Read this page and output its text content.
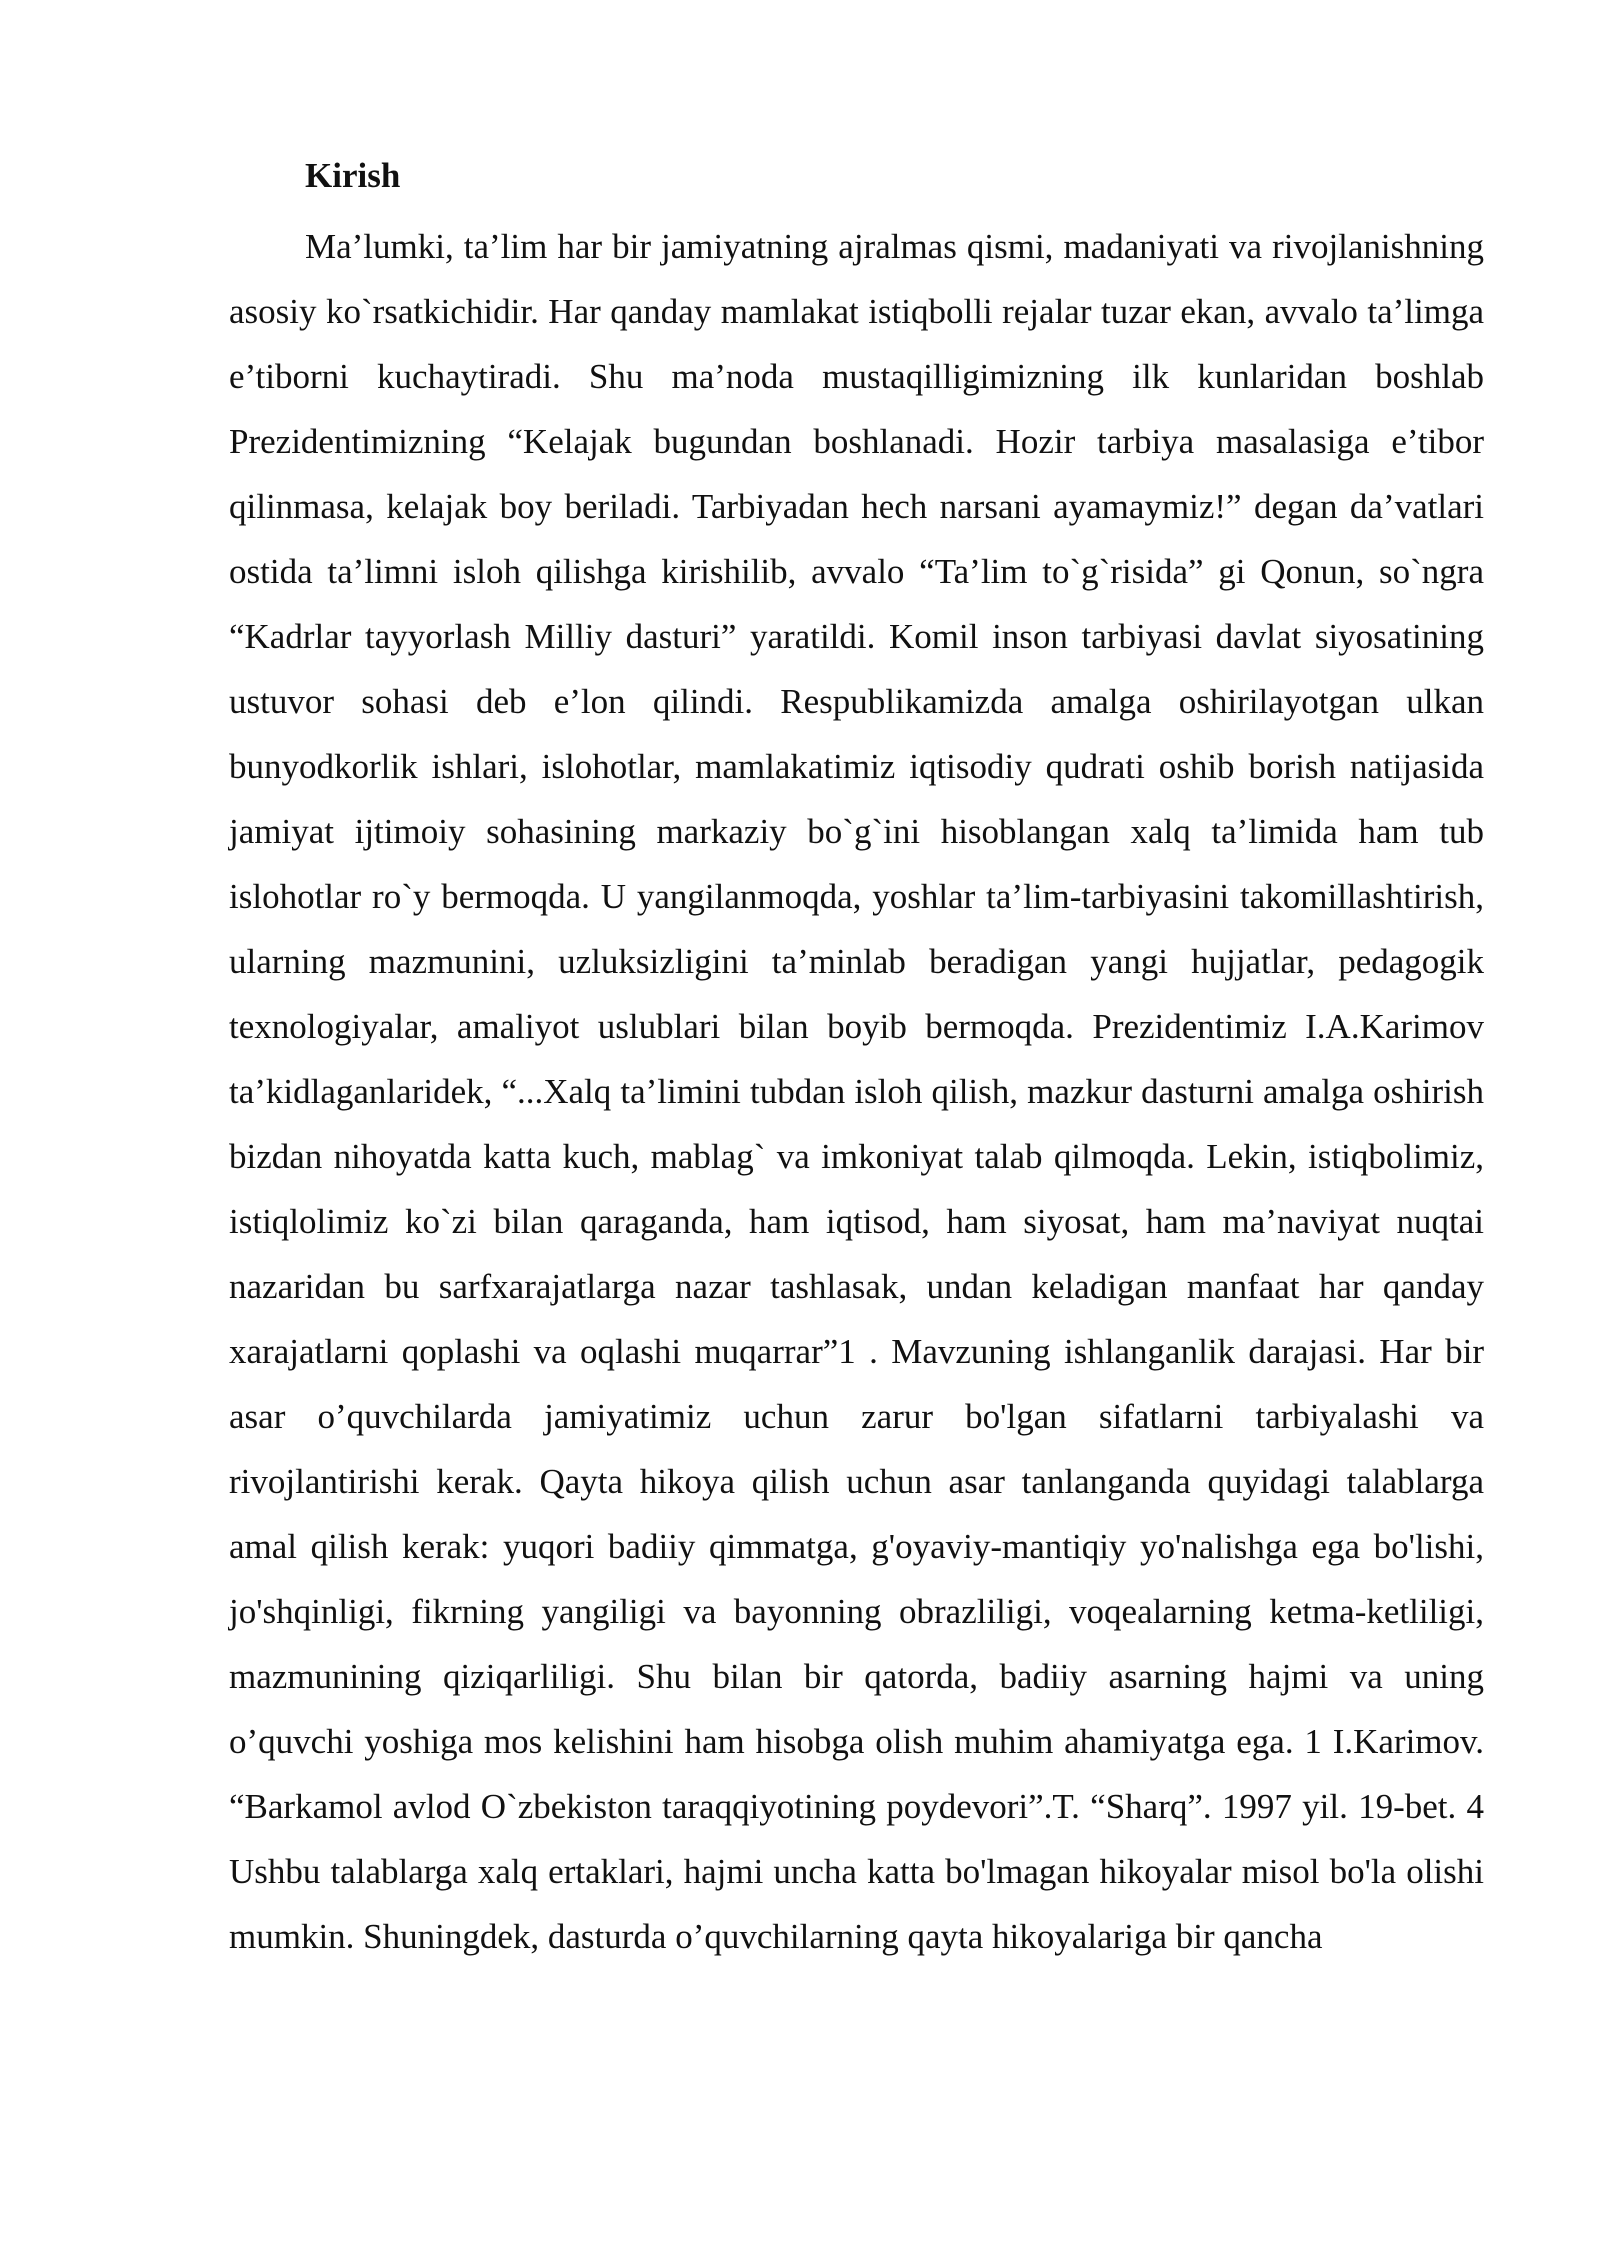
Kirish

Ma’lumki, ta’lim har bir jamiyatning ajralmas qismi, madaniyati va rivojlanishning asosiy ko`rsatkichidir. Har qanday mamlakat istiqbolli rejalar tuzar ekan, avvalo ta’limga e’tiborni kuchaytiradi. Shu ma’noda mustaqilligimizning ilk kunlaridan boshlab Prezidentimizning “Kelajak bugundan boshlanadi. Hozir tarbiya masalasiga e’tibor qilinmasa, kelajak boy beriladi. Tarbiyadan hech narsani ayamaymiz!” degan da’vatlari ostida ta’limni isloh qilishga kirishilib, avvalo “Ta’lim to`g`risida” gi Qonun, so`ngra “Kadrlar tayyorlash Milliy dasturi” yaratildi. Komil inson tarbiyasi davlat siyosatining ustuvor sohasi deb e’lon qilindi. Respublikamizda amalga oshirilayotgan ulkan bunyodkorlik ishlari, islohotlar, mamlakatimiz iqtisodiy qudrati oshib borish natijasida jamiyat ijtimoiy sohasining markaziy bo`g`ini hisoblangan xalq ta’limida ham tub islohotlar ro`y bermoqda. U yangilanmoqda, yoshlar ta’lim-tarbiyasini takomillashtirish, ularning mazmunini, uzluksizligini ta’minlab beradigan yangi hujjatlar, pedagogik texnologiyalar, amaliyot uslublari bilan boyib bermoqda. Prezidentimiz I.A.Karimov ta’kidlaganlaridek, “...Xalq ta’limini tubdan isloh qilish, mazkur dasturni amalga oshirish bizdan nihoyatda katta kuch, mablag` va imkoniyat talab qilmoqda. Lekin, istiqbolimiz, istiqlolimiz ko`zi bilan qaraganda, ham iqtisod, ham siyosat, ham ma’naviyat nuqtai nazaridan bu sarfxarajatlarga nazar tashlasak, undan keladigan manfaat har qanday xarajatlarni qoplashi va oqlashi muqarrar”1 . Mavzuning ishlanganlik darajasi. Har bir asar o’quvchilarda jamiyatimiz uchun zarur bo'lgan sifatlarni tarbiyalashi va rivojlantirishi kerak. Qayta hikoya qilish uchun asar tanlanganda quyidagi talablarga amal qilish kerak: yuqori badiiy qimmatga, g'oyaviy-mantiqiy yo'nalishga ega bo'lishi, jo'shqinligi, fikrning yangiligi va bayonning obrazliligi, voqealarning ketma-ketliligi, mazmunining qiziqarliligi. Shu bilan bir qatorda, badiiy asarning hajmi va uning o’quvchi yoshiga mos kelishini ham hisobga olish muhim ahamiyatga ega. 1 I.Karimov. “Barkamol avlod O`zbekiston taraqqiyotining poydevori”.T. “Sharq”. 1997 yil. 19-bet. 4 Ushbu talablarga xalq ertaklari, hajmi uncha katta bo'lmagan hikoyalar misol bo'la olishi mumkin. Shuningdek, dasturda o’quvchilarning qayta hikoyalariga bir qancha
